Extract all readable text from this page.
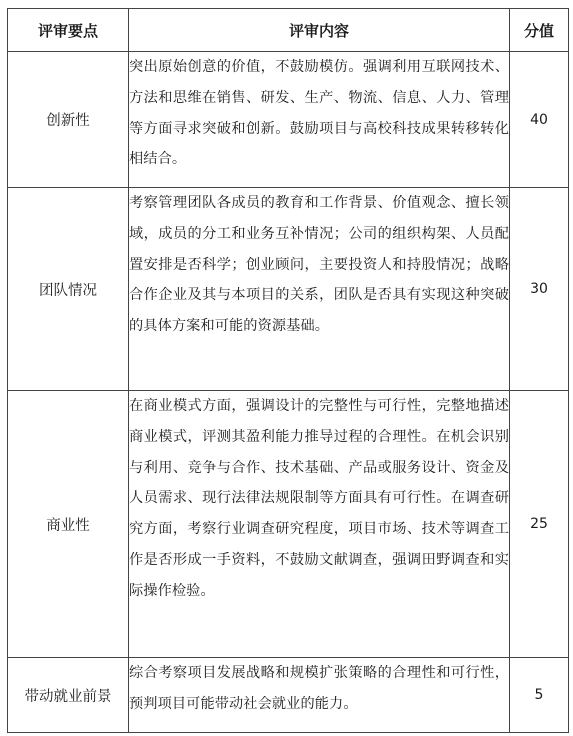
评审要点	评审内容	分值
创新性	突出原始创意的价值，不鼓励模仿。强调利用互联网技术、方法和思维在销售、研发、生产、物流、信息、人力、管理等方面寻求突破和创新。鼓励项目与高校科技成果转移转化相结合。	40
团队情况	考察管理团队各成员的教育和工作背景、价值观念、擅长领域，成员的分工和业务互补情况；公司的组织构架、人员配置安排是否科学；创业顾问，主要投资人和持股情况；战略合作企业及其与本项目的关系，团队是否具有实现这种突破的具体方案和可能的资源基础。	30
商业性	在商业模式方面，强调设计的完整性与可行性，完整地描述商业模式，评测其盈利能力推导过程的合理性。在机会识别与利用、竞争与合作、技术基础、产品或服务设计、资金及人员需求、现行法律法规限制等方面具有可行性。在调查研究方面，考察行业调查研究程度，项目市场、技术等调查工作是否形成一手资料，不鼓励文献调查，强调田野调查和实际操作检验。	25
带动就业前景	综合考察项目发展战略和规模扩张策略的合理性和可行性，预判项目可能带动社会就业的能力。	5
